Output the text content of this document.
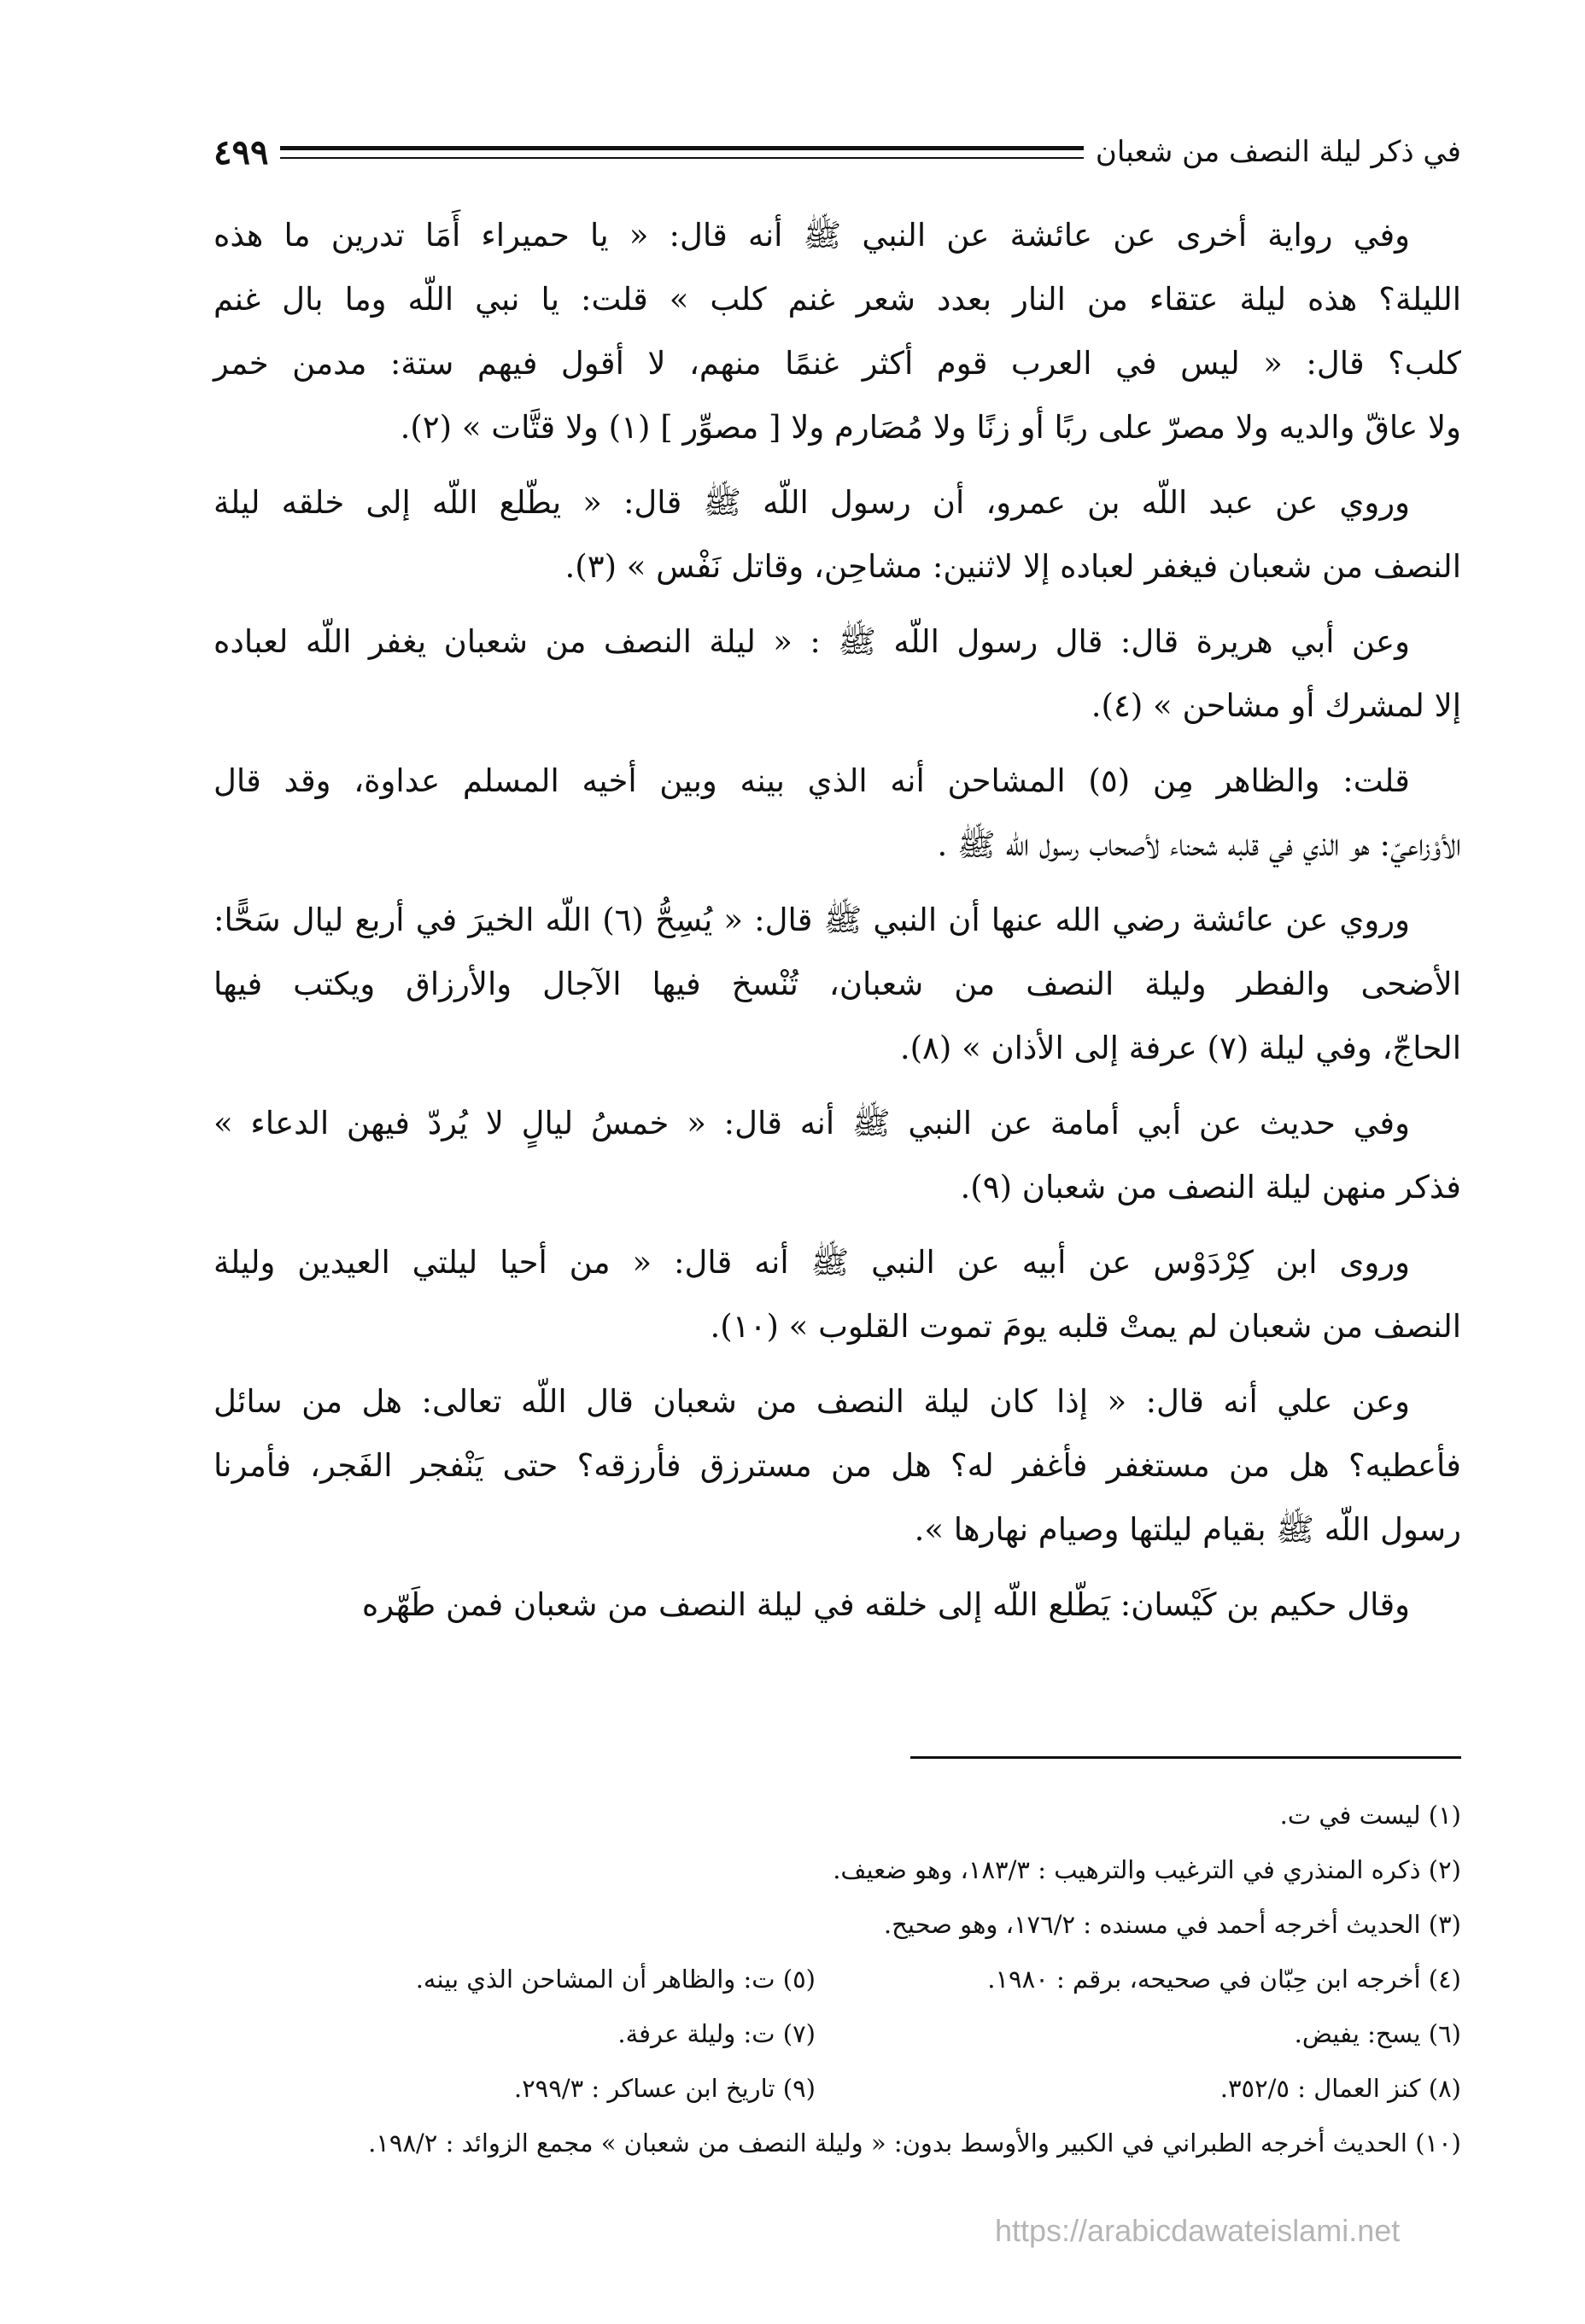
في ذكر ليلة النصف من شعبان
٤٩٩
وفي رواية أخرى عن عائشة عن النبي ﷺ أنه قال: « يا حميراء أَمَا تدرين ما هذه
الليلة؟ هذه ليلة عتقاء من النار بعدد شعر غنم كلب » قلت: يا نبي اللّه وما بال غنم
كلب؟ قال: « ليس في العرب قوم أكثر غنمًا منهم، لا أقول فيهم ستة: مدمن خمر
ولا عاقّ والديه ولا مصرّ على ربًا أو زنًا ولا مُصَارم ولا [ مصوِّر ] (١) ولا قتَّات » (٢).
وروي عن عبد اللّه بن عمرو، أن رسول اللّه ﷺ قال: « يطّلع اللّه إلى خلقه ليلة
النصف من شعبان فيغفر لعباده إلا لاثنين: مشاحِن، وقاتل نَفْس » (٣).
وعن أبي هريرة قال: قال رسول اللّه ﷺ : « ليلة النصف من شعبان يغفر اللّه لعباده
إلا لمشرك أو مشاحن » (٤).
قلت: والظاهر مِن (٥) المشاحن أنه الذي بينه وبين أخيه المسلم عداوة، وقد قال
الأوْزاعيّ: هو الذي في قلبه شحناء لأصحاب رسول اللّه ﷺ .
وروي عن عائشة رضي الله عنها أن النبي ﷺ قال: « يُسِحُّ (٦) اللّه الخيرَ في أربع ليال سَحًّا:
الأضحى والفطر وليلة النصف من شعبان، تُنْسخ فيها الآجال والأرزاق ويكتب فيها
الحاجّ، وفي ليلة (٧) عرفة إلى الأذان » (٨).
وفي حديث عن أبي أمامة عن النبي ﷺ أنه قال: « خمسُ ليالٍ لا يُردّ فيهن الدعاء »
فذكر منهن ليلة النصف من شعبان (٩).
وروى ابن كِرْدَوْس عن أبيه عن النبي ﷺ أنه قال: « من أحيا ليلتي العيدين وليلة
النصف من شعبان لم يمتْ قلبه يومَ تموت القلوب » (١٠).
وعن علي أنه قال: « إذا كان ليلة النصف من شعبان قال اللّه تعالى: هل من سائل
فأعطيه؟ هل من مستغفر فأغفر له؟ هل من مسترزق فأرزقه؟ حتى يَنْفجر الفَجر، فأمرنا
رسول اللّه ﷺ بقيام ليلتها وصيام نهارها ».
وقال حكيم بن كَيْسان: يَطّلع اللّه إلى خلقه في ليلة النصف من شعبان فمن طَهّره
(١) ليست في ت.
(٢) ذكره المنذري في الترغيب والترهيب : ١٨٣/٣، وهو ضعيف.
(٣) الحديث أخرجه أحمد في مسنده : ١٧٦/٢، وهو صحيح.
(٤) أخرجه ابن حِبّان في صحيحه، برقم : ١٩٨٠.
(٥) ت: والظاهر أن المشاحن الذي بينه.
(٦) يسح: يفيض.
(٧) ت: وليلة عرفة.
(٨) كنز العمال : ٣٥٢/٥.
(٩) تاريخ ابن عساكر : ٢٩٩/٣.
(١٠) الحديث أخرجه الطبراني في الكبير والأوسط بدون: « وليلة النصف من شعبان » مجمع الزوائد : ١٩٨/٢.
https://arabicdawateislami.net
